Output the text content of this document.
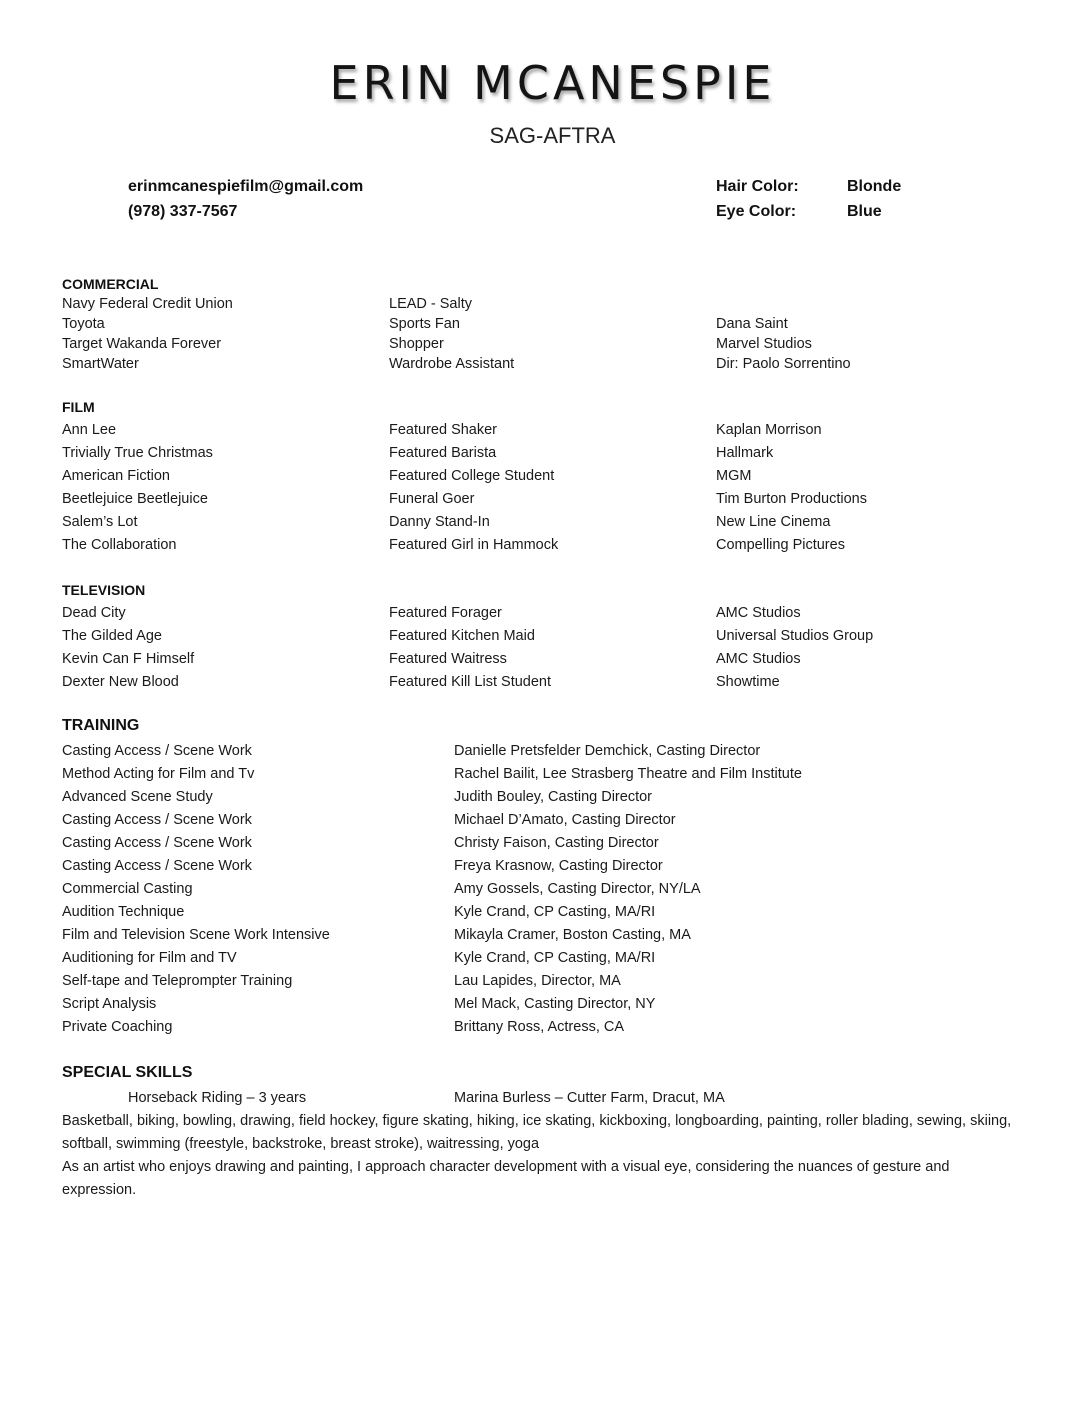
ERIN MCANESPIE
SAG-AFTRA
erinmcanespiefilm@gmail.com
(978) 337-7567
Hair Color:	Blonde
Eye Color:	Blue
COMMERCIAL
Navy Federal Credit Union	LEAD - Salty
Toyota	Sports Fan	Dana Saint
Target Wakanda Forever	Shopper	Marvel Studios
SmartWater	Wardrobe Assistant	Dir: Paolo Sorrentino
FILM
Ann Lee	Featured Shaker	Kaplan Morrison
Trivially True Christmas	Featured Barista	Hallmark
American Fiction	Featured College Student	MGM
Beetlejuice Beetlejuice	Funeral Goer	Tim Burton Productions
Salem’s Lot	Danny Stand-In	New Line Cinema
The Collaboration	Featured Girl in Hammock	Compelling Pictures
TELEVISION
Dead City	Featured Forager	AMC Studios
The Gilded Age	Featured Kitchen Maid	Universal Studios Group
Kevin Can F Himself	Featured Waitress	AMC Studios
Dexter New Blood	Featured Kill List Student	Showtime
TRAINING
Casting Access / Scene Work	Danielle Pretsfelder Demchick, Casting Director
Method Acting for Film and Tv	Rachel Bailit, Lee Strasberg Theatre and Film Institute
Advanced Scene Study	Judith Bouley, Casting Director
Casting Access / Scene Work	Michael D’Amato, Casting Director
Casting Access / Scene Work	Christy Faison, Casting Director
Casting Access / Scene Work	Freya Krasnow, Casting Director
Commercial Casting	Amy Gossels, Casting Director, NY/LA
Audition Technique	Kyle Crand, CP Casting, MA/RI
Film and Television Scene Work Intensive	Mikayla Cramer, Boston Casting, MA
Auditioning for Film and TV	Kyle Crand, CP Casting, MA/RI
Self-tape and Teleprompter Training	Lau Lapides, Director, MA
Script Analysis	Mel Mack, Casting Director, NY
Private Coaching	Brittany Ross, Actress, CA
SPECIAL SKILLS
Horseback Riding – 3 years	Marina Burless – Cutter Farm, Dracut, MA
Basketball, biking, bowling, drawing, field hockey, figure skating, hiking, ice skating, kickboxing, longboarding, painting, roller blading, sewing, skiing, softball, swimming (freestyle, backstroke, breast stroke), waitressing, yoga
As an artist who enjoys drawing and painting, I approach character development with a visual eye, considering the nuances of gesture and expression.
